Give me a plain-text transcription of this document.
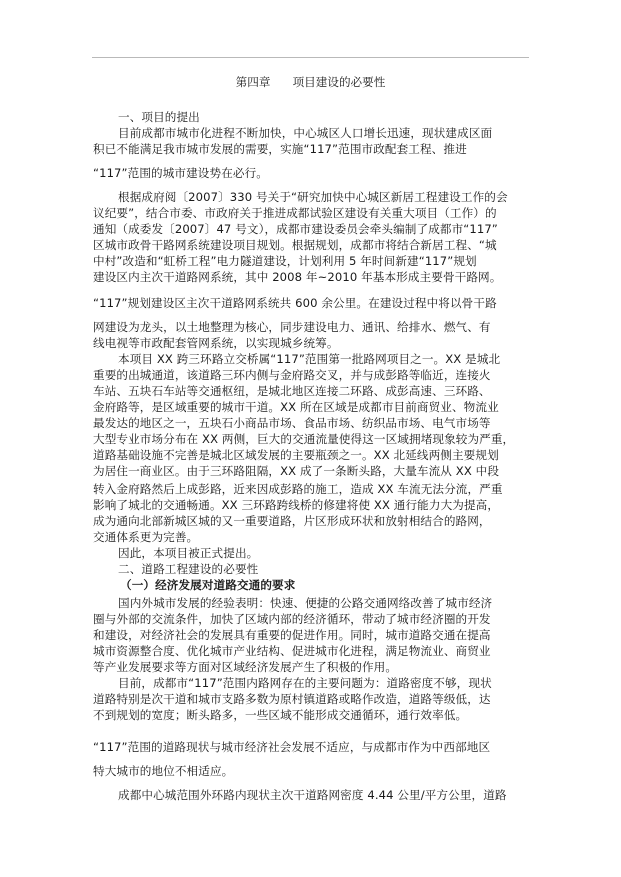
第四章      项目建设的必要性
一、项目的提出
目前成都市城市化进程不断加快，中心城区人口增长迅速，现状建成区面
积已不能满足我市城市发展的需要，实施“117”范围市政配套工程、推进
“117”范围的城市建设势在必行。
根据成府阅〔2007〕330 号关于“研究加快中心城区新居工程建设工作的会
议纪要”，结合市委、市政府关于推进成都试验区建设有关重大项目（工作）的
通知（成委发〔2007〕47 号文），成都市建设委员会牵头编制了成都市“117”
区城市政骨干路网系统建设项目规划。根据规划，成都市将结合新居工程、“城
中村”改造和“虹桥工程”电力隧道建设，计划利用 5 年时间新建“117”规划
建设区内主次干道路网系统，其中 2008 年~2010 年基本形成主要骨干路网。
“117”规划建设区主次干道路网系统共 600 余公里。在建设过程中将以骨干路
网建设为龙头，以土地整理为核心，同步建设电力、通讯、给排水、燃气、有
线电视等市政配套管网系统，以实现城乡统筹。
本项目 XX 跨三环路立交桥属“117”范围第一批路网项目之一。XX 是城北
重要的出城通道，该道路三环内侧与金府路交叉，并与成彭路等临近，连接火
车站、五块石车站等交通枢纽，是城北地区连接二环路、成彭高速、三环路、
金府路等，是区域重要的城市干道。XX 所在区域是成都市目前商贸业、物流业
最发达的地区之一，五块石小商品市场、食品市场、纺织品市场、电气市场等
大型专业市场分布在 XX 两侧，巨大的交通流量使得这一区域拥堵现象较为严重，
道路基础设施不完善是城北区域发展的主要瓶颈之一。XX 北延线两侧主要规划
为居住一商业区。由于三环路阻隔，XX 成了一条断头路，大量车流从 XX 中段
转入金府路然后上成彭路，近来因成彭路的施工，造成 XX 车流无法分流，严重
影响了城北的交通畅通。XX 三环路跨线桥的修建将使 XX 通行能力大为提高，
成为通向北部新城区城的又一重要道路，片区形成环状和放射相结合的路网，
交通体系更为完善。
因此，本项目被正式提出。
二、道路工程建设的必要性
（一）经济发展对道路交通的要求
国内外城市发展的经验表明：快速、便捷的公路交通网络改善了城市经济
圈与外部的交流条件，加快了区域内部的经济循环，带动了城市经济圈的开发
和建设，对经济社会的发展具有重要的促进作用。同时，城市道路交通在提高
城市资源整合度、优化城市产业结构、促进城市化进程，满足物流业、商贸业
等产业发展要求等方面对区域经济发展产生了积极的作用。
目前，成都市“117”范围内路网存在的主要问题为：道路密度不够，现状
道路特别是次干道和城市支路多数为原村镇道路或略作改造，道路等级低，达
不到规划的宽度；断头路多，一些区域不能形成交通循环，通行效率低。
“117”范围的道路现状与城市经济社会发展不适应，与成都市作为中西部地区
特大城市的地位不相适应。
成都中心城范围外环路内现状主次干道路网密度 4.44 公里/平方公里，道路
